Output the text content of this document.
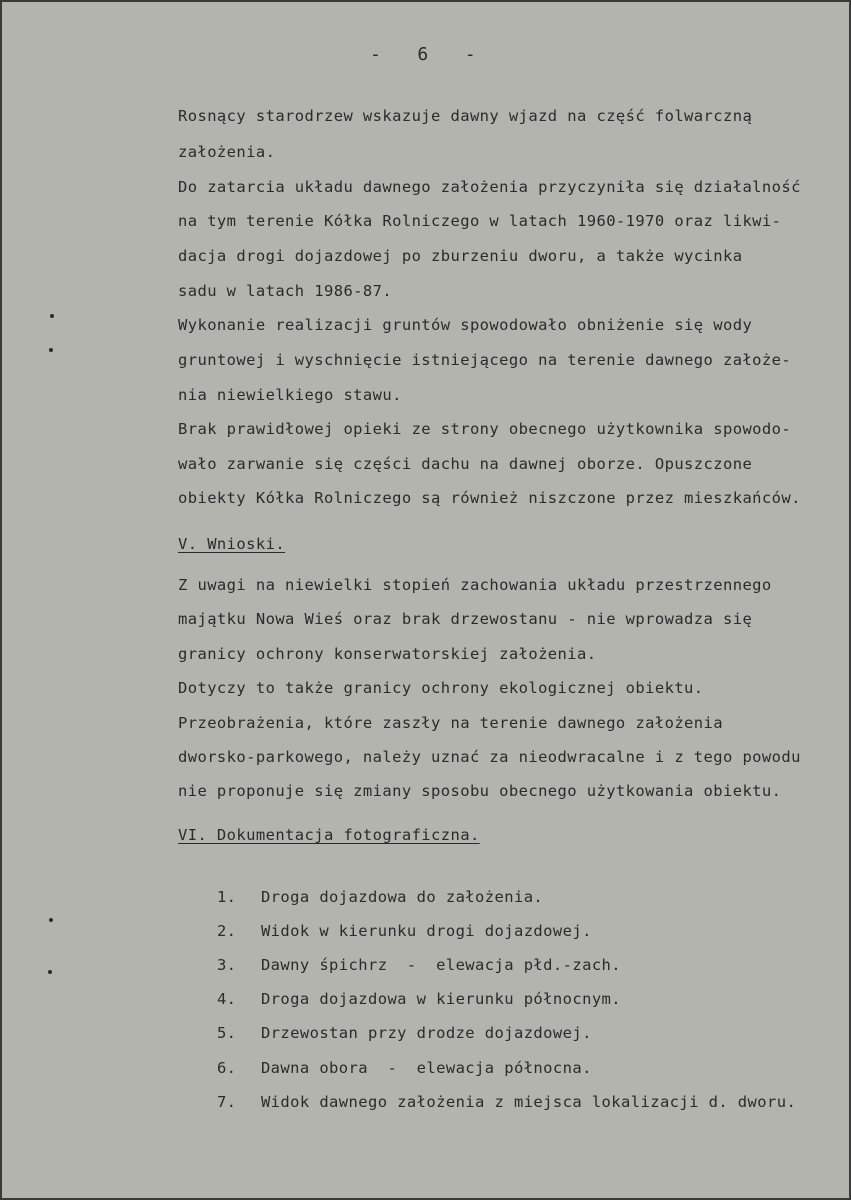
-   6   -
Rosnący starodrzew wskazuje dawny wjazd na część folwarczną
założenia.
Do zatarcia układu dawnego założenia przyczyniła się działalność
na tym terenie Kółka Rolniczego w latach 1960-1970 oraz likwi-
dacja drogi dojazdowej po zburzeniu dworu, a także wycinka
sadu w latach 1986-87.
Wykonanie realizacji gruntów spowodowało obniżenie się wody
gruntowej i wyschnięcie istniejącego na terenie dawnego założe-
nia niewielkiego stawu.
Brak prawidłowej opieki ze strony obecnego użytkownika spowodo-
wało zarwanie się części dachu na dawnej oborze. Opuszczone
obiekty Kółka Rolniczego są również niszczone przez mieszkańców.
V. Wnioski.
Z uwagi na niewielki stopień zachowania układu przestrzennego
majątku Nowa Wieś oraz brak drzewostanu - nie wprowadza się
granicy ochrony konserwatorskiej założenia.
Dotyczy to także granicy ochrony ekologicznej obiektu.
Przeobrażenia, które zaszły na terenie dawnego założenia
dworsko-parkowego, należy uznać za nieodwracalne i z tego powodu
nie proponuje się zmiany sposobu obecnego użytkowania obiektu.
VI. Dokumentacja fotograficzna.

1. Droga dojazdowa do założenia.

2. Widok w kierunku drogi dojazdowej.

3. Dawny śpichrz  -  elewacja płd.-zach.

4. Droga dojazdowa w kierunku północnym.

5. Drzewostan przy drodze dojazdowej.

6. Dawna obora  -  elewacja północna.

7. Widok dawnego założenia z miejsca lokalizacji d. dworu.
